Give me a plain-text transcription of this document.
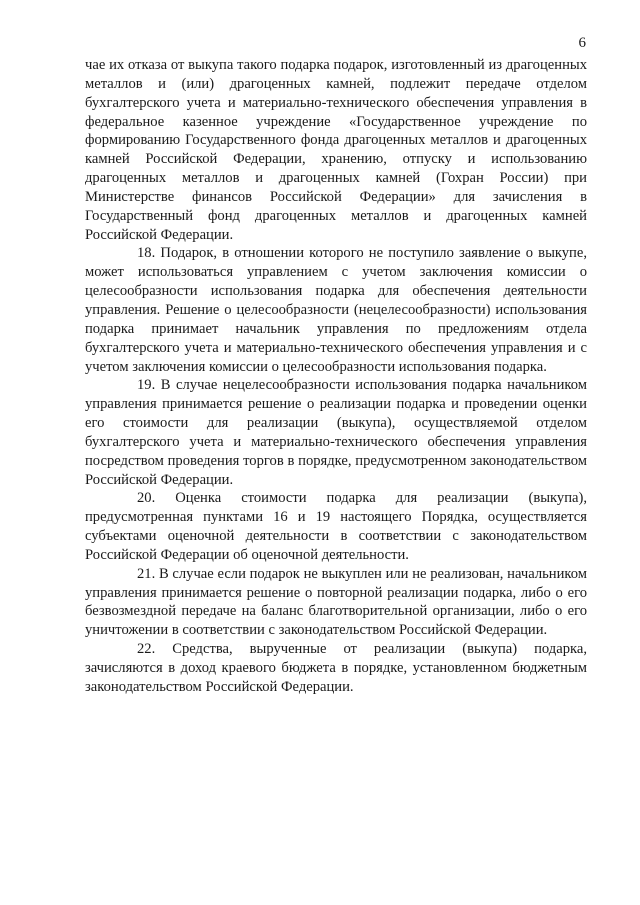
6

чае их отказа от выкупа такого подарка подарок, изготовленный из драгоценных металлов и (или) драгоценных камней, подлежит передаче отделом бухгалтерского учета и материально-технического обеспечения управления в федеральное казенное учреждение «Государственное учреждение по формированию Государственного фонда драгоценных металлов и драгоценных камней Российской Федерации, хранению, отпуску и использованию драгоценных металлов и драгоценных камней (Гохран России) при Министерстве финансов Российской Федерации» для зачисления в Государственный фонд драгоценных металлов и драгоценных камней Российской Федерации.

18. Подарок, в отношении которого не поступило заявление о выкупе, может использоваться управлением с учетом заключения комиссии о целесообразности использования подарка для обеспечения деятельности управления. Решение о целесообразности (нецелесообразности) использования подарка принимает начальник управления по предложениям отдела бухгалтерского учета и материально-технического обеспечения управления и с учетом заключения комиссии о целесообразности использования подарка.

19. В случае нецелесообразности использования подарка начальником управления принимается решение о реализации подарка и проведении оценки его стоимости для реализации (выкупа), осуществляемой отделом бухгалтерского учета и материально-технического обеспечения управления посредством проведения торгов в порядке, предусмотренном законодательством Российской Федерации.

20. Оценка стоимости подарка для реализации (выкупа), предусмотренная пунктами 16 и 19 настоящего Порядка, осуществляется субъектами оценочной деятельности в соответствии с законодательством Российской Федерации об оценочной деятельности.

21. В случае если подарок не выкуплен или не реализован, начальником управления принимается решение о повторной реализации подарка, либо о его безвозмездной передаче на баланс благотворительной организации, либо о его уничтожении в соответствии с законодательством Российской Федерации.

22. Средства, вырученные от реализации (выкупа) подарка, зачисляются в доход краевого бюджета в порядке, установленном бюджетным законодательством Российской Федерации.
